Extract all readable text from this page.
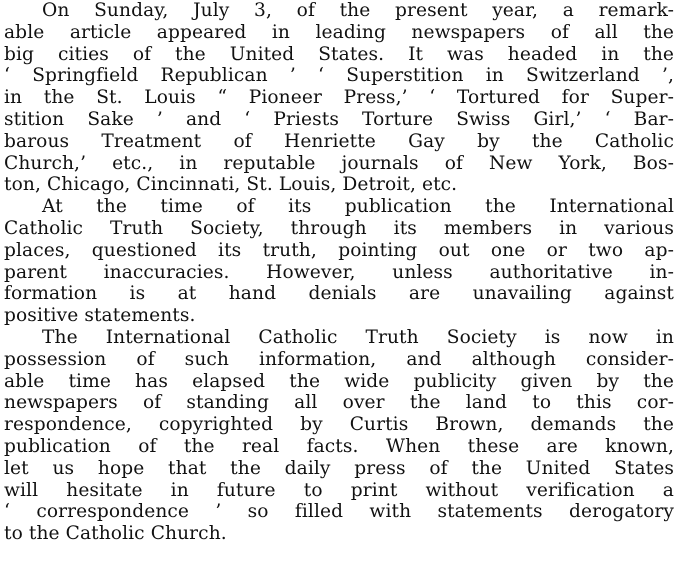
On Sunday, July 3, of the present year, a remark-
able article appeared in leading newspapers of all the
big cities of the United States. It was headed in the
‘ Springfield Republican ’ ‘ Superstition in Switzerland ’,
in the St. Louis “ Pioneer Press,’ ‘ Tortured for Super-
stition Sake ’ and ‘ Priests Torture Swiss Girl,’ ‘ Bar-
barous Treatment of Henriette Gay by the Catholic
Church,’ etc., in reputable journals of New York, Bos-
ton, Chicago, Cincinnati, St. Louis, Detroit, etc.
At the time of its publication the International
Catholic Truth Society, through its members in various
places, questioned its truth, pointing out one or two ap-
parent inaccuracies. However, unless authoritative in-
formation is at hand denials are unavailing against
positive statements.
The International Catholic Truth Society is now in
possession of such information, and although consider-
able time has elapsed the wide publicity given by the
newspapers of standing all over the land to this cor-
respondence, copyrighted by Curtis Brown, demands the
publication of the real facts. When these are known,
let us hope that the daily press of the United States
will hesitate in future to print without verification a
‘ correspondence ’ so filled with statements derogatory
to the Catholic Church.
